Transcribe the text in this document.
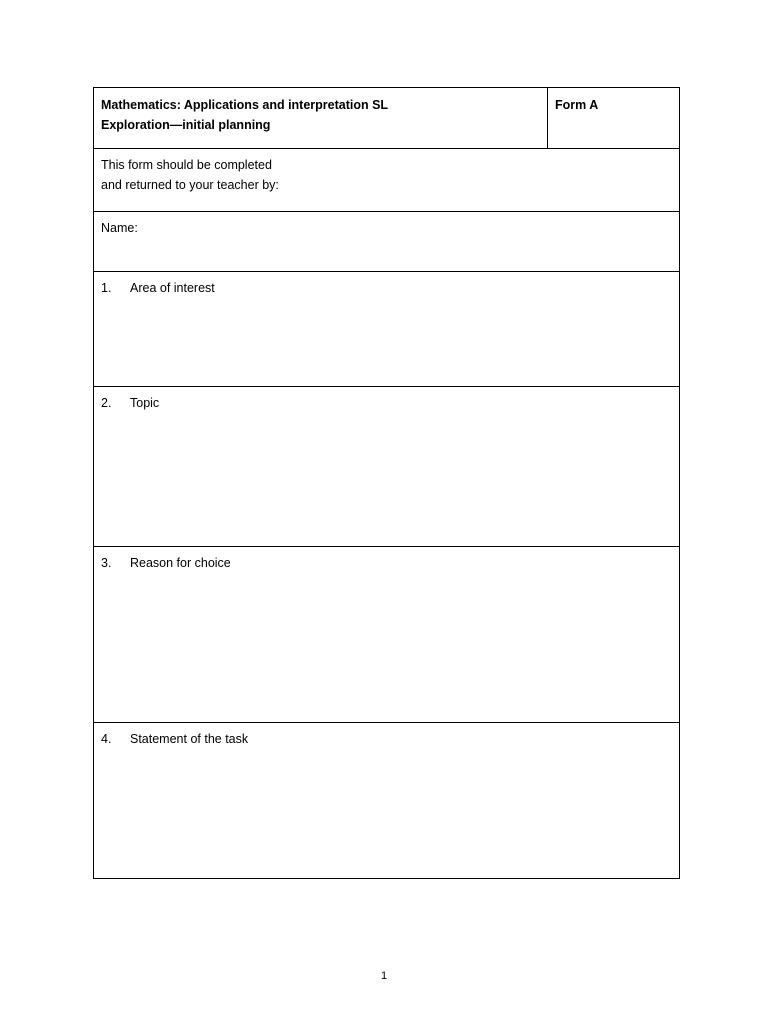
Mathematics: Applications and interpretation SL
Exploration—initial planning
Form A
This form should be completed
and returned to your teacher by:
Name:
1. Area of interest
2. Topic
3. Reason for choice
4. Statement of the task
1
